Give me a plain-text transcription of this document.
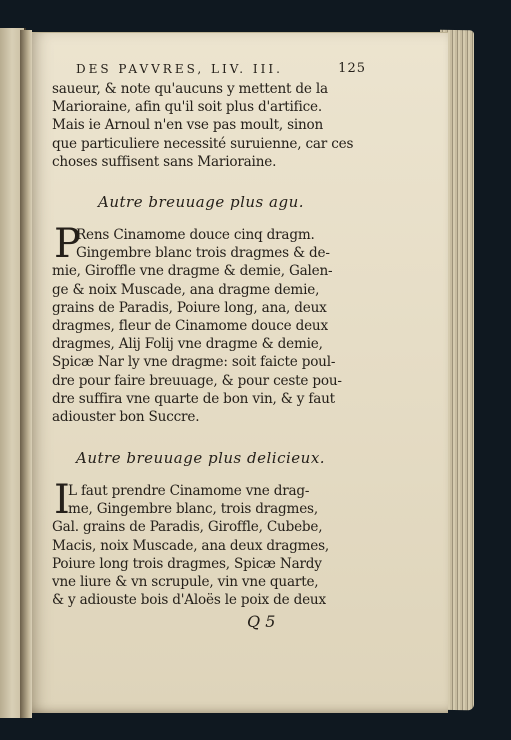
DES PAVVRES, LIV. III.	125
saueur, & note qu'aucuns y mettent de la
Marioraine, afin qu'il soit plus d'artifice.
Mais ie Arnoul n'en vse pas moult, sinon
que particuliere necessité suruienne, car ces
choses suffisent sans Marioraine.
Autre breuuage plus agu.
P
Rens Cinamome douce cinq dragm.
Gingembre blanc trois dragmes & de-
mie, Giroffle vne dragme & demie, Galen-
ge & noix Muscade, ana dragme demie,
grains de Paradis, Poiure long, ana, deux
dragmes, fleur de Cinamome douce deux
dragmes, Alij Folij vne dragme & demie,
Spicæ Nar ly vne dragme: soit faicte poul-
dre pour faire breuuage, & pour ceste pou-
dre suffira vne quarte de bon vin, & y faut
adiouster bon Succre.
Autre breuuage plus delicieux.
I
L faut prendre Cinamome vne drag-
me, Gingembre blanc, trois dragmes,
Gal. grains de Paradis, Giroffle, Cubebe,
Macis, noix Muscade, ana deux dragmes,
Poiure long trois dragmes, Spicæ Nardy
vne liure & vn scrupule, vin vne quarte,
& y adiouste bois d'Aloës le poix de deux
Q 5
